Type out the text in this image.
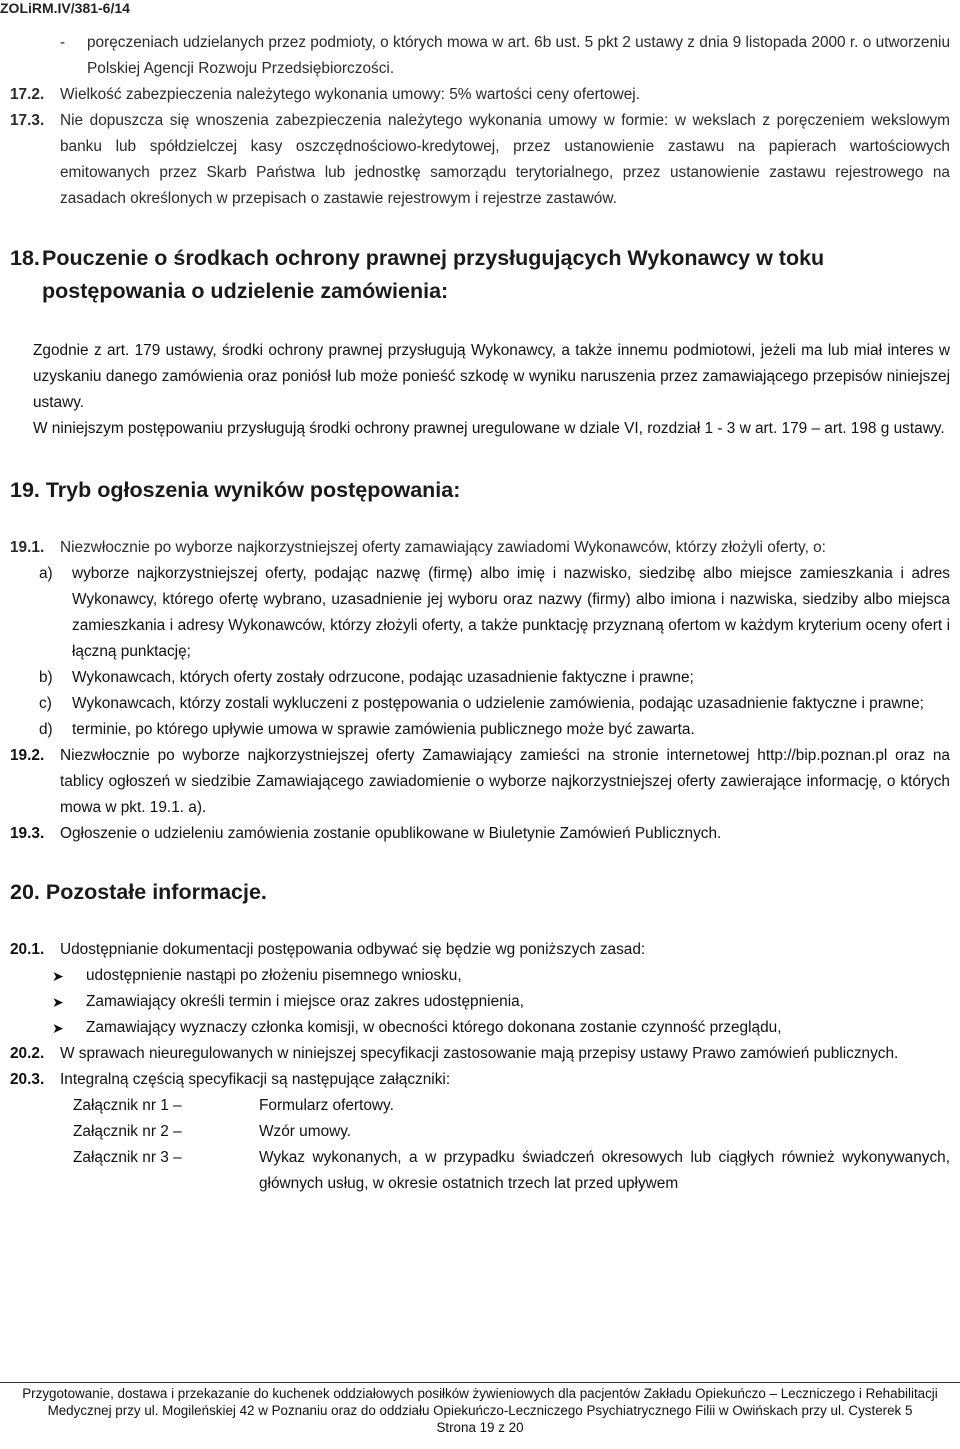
ZOLiRM.IV/381-6/14
-	poręczeniach udzielanych przez podmioty, o których mowa w art. 6b ust. 5 pkt 2 ustawy z dnia 9 listopada 2000 r. o utworzeniu Polskiej Agencji Rozwoju Przedsiębiorczości.
17.2.	Wielkość zabezpieczenia należytego wykonania umowy: 5% wartości ceny ofertowej.
17.3.	Nie dopuszcza się wnoszenia zabezpieczenia należytego wykonania umowy w formie: w wekslach z poręczeniem wekslowym banku lub spółdzielczej kasy oszczędnościowo-kredytowej, przez ustanowienie zastawu na papierach wartościowych emitowanych przez Skarb Państwa lub jednostkę samorządu terytorialnego, przez ustanowienie zastawu rejestrowego na zasadach określonych w przepisach o zastawie rejestrowym i rejestrze zastawów.
18. Pouczenie o środkach ochrony prawnej przysługujących Wykonawcy w toku postępowania o udzielenie zamówienia:
Zgodnie z art. 179 ustawy, środki ochrony prawnej przysługują Wykonawcy, a także innemu podmiotowi, jeżeli ma lub miał interes w uzyskaniu danego zamówienia oraz poniósł lub może ponieść szkodę w wyniku naruszenia przez zamawiającego przepisów niniejszej ustawy.
W niniejszym postępowaniu przysługują środki ochrony prawnej uregulowane w dziale VI, rozdział 1 - 3 w art. 179 – art. 198 g ustawy.
19. Tryb ogłoszenia wyników postępowania:
19.1.	Niezwłocznie po wyborze najkorzystniejszej oferty zamawiający zawiadomi Wykonawców, którzy złożyli oferty, o:
a)	wyborze najkorzystniejszej oferty, podając nazwę (firmę) albo imię i nazwisko, siedzibę albo miejsce zamieszkania i adres Wykonawcy, którego ofertę wybrano, uzasadnienie jej wyboru oraz nazwy (firmy) albo imiona i nazwiska, siedziby albo miejsca zamieszkania i adresy Wykonawców, którzy złożyli oferty, a także punktację przyznaną ofertom w każdym kryterium oceny ofert i łączną punktację;
b)	Wykonawcach, których oferty zostały odrzucone, podając uzasadnienie faktyczne i prawne;
c)	Wykonawcach, którzy zostali wykluczeni z postępowania o udzielenie zamówienia, podając uzasadnienie faktyczne i prawne;
d)	terminie, po którego upływie umowa w sprawie zamówienia publicznego może być zawarta.
19.2.	Niezwłocznie po wyborze najkorzystniejszej oferty Zamawiający zamieści na stronie internetowej http://bip.poznan.pl oraz na tablicy ogłoszeń w siedzibie Zamawiającego zawiadomienie o wyborze najkorzystniejszej oferty zawierające informację, o których mowa w pkt. 19.1. a).
19.3.	Ogłoszenie o udzieleniu zamówienia zostanie opublikowane w Biuletynie Zamówień Publicznych.
20. Pozostałe informacje.
20.1.	Udostępnianie dokumentacji postępowania odbywać się będzie wg poniższych zasad:
➤	udostępnienie nastąpi po złożeniu pisemnego wniosku,
➤	Zamawiający określi termin i miejsce oraz zakres udostępnienia,
➤	Zamawiający wyznaczy członka komisji, w obecności którego dokonana zostanie czynność przeglądu,
20.2.	W sprawach nieuregulowanych w niniejszej specyfikacji zastosowanie mają przepisy ustawy Prawo zamówień publicznych.
20.3.	Integralną częścią specyfikacji są następujące załączniki:
Załącznik nr 1 –	Formularz ofertowy.
Załącznik nr 2 –	Wzór umowy.
Załącznik nr 3 –	Wykaz wykonanych, a w przypadku świadczeń okresowych lub ciągłych również wykonywanych, głównych usług, w okresie ostatnich trzech lat przed upływem
Przygotowanie, dostawa i przekazanie do kuchenek oddziałowych posiłków żywieniowych dla pacjentów Zakładu Opiekuńczo – Leczniczego i Rehabilitacji Medycznej przy ul. Mogileńskiej 42 w Poznaniu oraz do oddziału Opiekuńczo-Leczniczego Psychiatrycznego Filii w Owińskach przy ul. Cysterek 5
Strona 19 z 20
